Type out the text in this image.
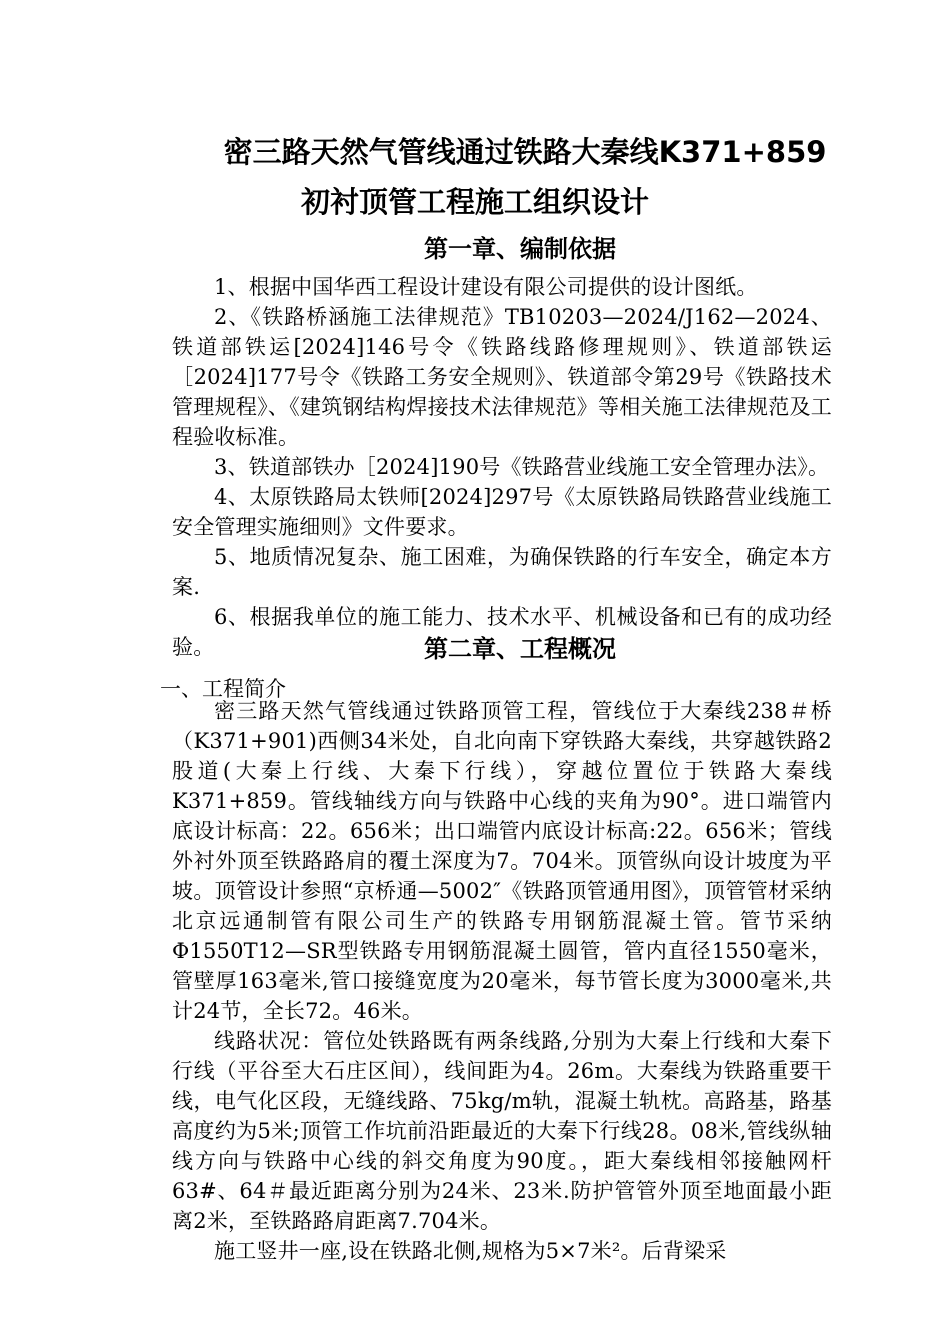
密三路天然气管线通过铁路大秦线K371+859
初衬顶管工程施工组织设计
第一章、编制依据

1、根据中国华西工程设计建设有限公司提供的设计图纸。

2、《铁路桥涵施工法律规范》TB10203—2024/J162—2024、铁道部铁运[2024]146号令《铁路线路修理规则》、铁道部铁运［2024]177号令《铁路工务安全规则》、铁道部令第29号《铁路技术管理规程》、《建筑钢结构焊接技术法律规范》等相关施工法律规范及工程验收标准。

3、铁道部铁办［2024]190号《铁路营业线施工安全管理办法》。

4、太原铁路局太铁师[2024]297号《太原铁路局铁路营业线施工安全管理实施细则》文件要求。

5、地质情况复杂、施工困难，为确保铁路的行车安全，确定本方案.

6、根据我单位的施工能力、技术水平、机械设备和已有的成功经验。	第二章、工程概况

一、工程简介

密三路天然气管线通过铁路顶管工程，管线位于大秦线238＃桥（K371+901)西侧34米处，自北向南下穿铁路大秦线，共穿越铁路2股道(大秦上行线、大秦下行线），穿越位置位于铁路大秦线K371+859。管线轴线方向与铁路中心线的夹角为90°。进口端管内底设计标高：22。656米；出口端管内底设计标高:22。656米；管线外衬外顶至铁路路肩的覆土深度为7。704米。顶管纵向设计坡度为平坡。顶管设计参照“京桥通—5002″《铁路顶管通用图》，顶管管材采纳北京远通制管有限公司生产的铁路专用钢筋混凝土管。管节采纳Φ1550T12—SR型铁路专用钢筋混凝土圆管，管内直径1550毫米，管壁厚163毫米,管口接缝宽度为20毫米，每节管长度为3000毫米,共计24节，全长72。46米。

线路状况：管位处铁路既有两条线路,分别为大秦上行线和大秦下行线（平谷至大石庄区间），线间距为4。26m。大秦线为铁路重要干线，电气化区段，无缝线路、75kg/m轨，混凝土轨枕。高路基，路基高度约为5米;顶管工作坑前沿距最近的大秦下行线28。08米,管线纵轴线方向与铁路中心线的斜交角度为90度。，距大秦线相邻接触网杆63#、64＃最近距离分别为24米、23米.防护管管外顶至地面最小距离2米，至铁路路肩距离7.704米。

施工竖井一座,设在铁路北侧,规格为5×7米²。后背梁采
